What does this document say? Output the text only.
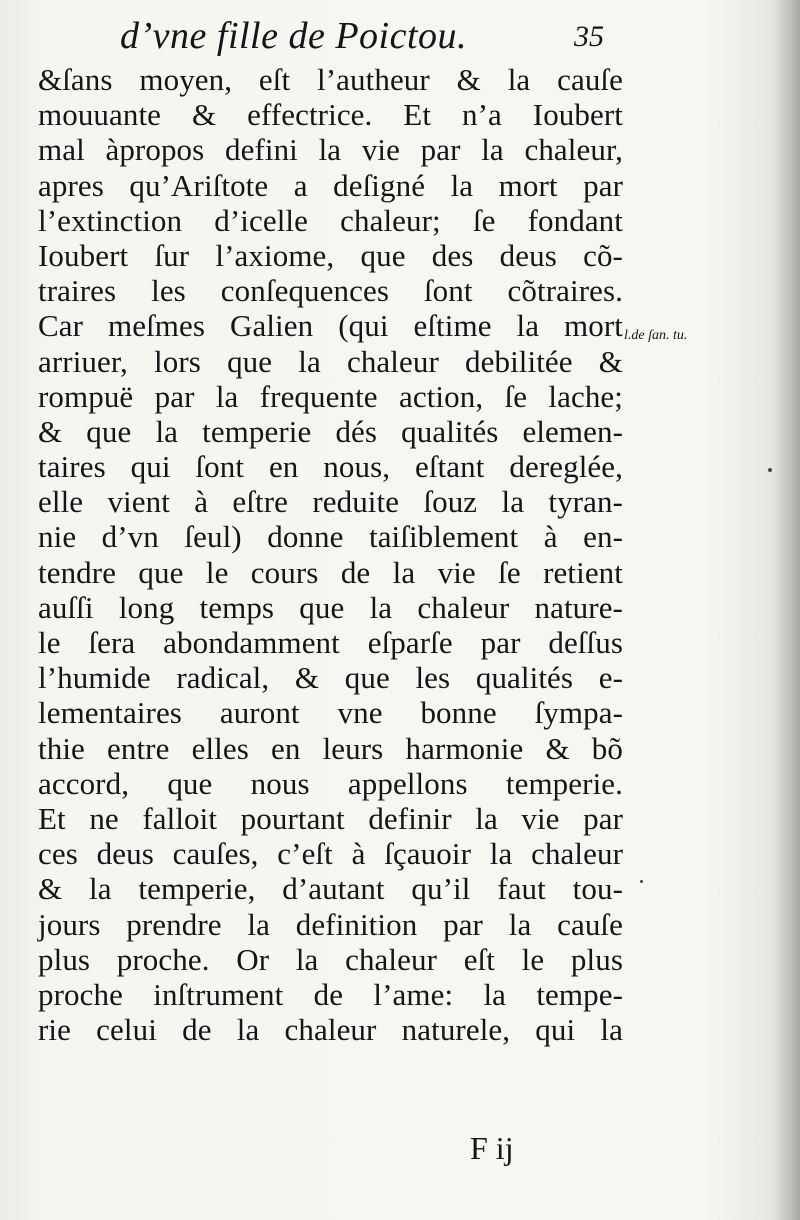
d’vne fille de Poictou.	35
&ſans moyen, eſt l’autheur & la cauſe
mouuante & effectrice. Et n’a Ioubert
mal àpropos defini la vie par la chaleur,
apres qu’Ariſtote a deſigné la mort par
l’extinction d’icelle chaleur; ſe fondant
Ioubert ſur l’axiome, que des deus cõ-
traires les conſequences ſont cõtraires.
Car meſmes Galien (qui eſtime la mort
arriuer, lors que la chaleur debilitée &
rompuë par la frequente action, ſe lache;
& que la temperie dés qualités elemen-
taires qui ſont en nous, eſtant dereglée,
elle vient à eſtre reduite ſouz la tyran-
nie d’vn ſeul) donne taiſiblement à en-
tendre que le cours de la vie ſe retient
auſſi long temps que la chaleur nature-
le ſera abondamment eſparſe par deſſus
l’humide radical, & que les qualités e-
lementaires auront vne bonne ſympa-
thie entre elles en leurs harmonie & bõ
accord, que nous appellons temperie.
Et ne falloit pourtant definir la vie par
ces deus cauſes, c’eſt à ſçauoir la chaleur
& la temperie, d’autant qu’il faut tou-
jours prendre la definition par la cauſe
plus proche. Or la chaleur eſt le plus
proche inſtrument de l’ame: la tempe-
rie celui de la chaleur naturele, qui la
l.de ſan. tu.
F ij
